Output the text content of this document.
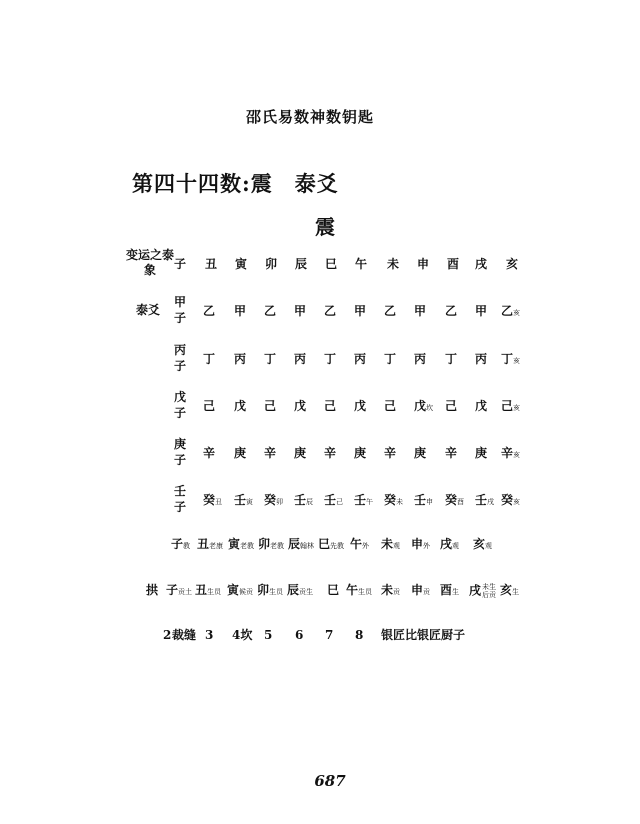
邵氏易数神数钥匙
第四十四数:震　泰爻
震
变运之泰
象	子 丑 寅 卯 辰 巳 午 未 申 酉 戌 亥
泰爻
甲
子 乙 甲 乙 甲 乙 甲 乙 甲 乙 甲 乙亥
丙
子 丁 丙 丁 丙 丁 丙 丁 丙 丁 丙 丁亥
戊
子 己 戊 己 戊 己 戊 己 戊坎 己 戊 己亥
庚
子 辛 庚 辛 庚 辛 庚 辛 庚 辛 庚 辛亥
壬
子 癸丑 壬寅 癸卯 壬辰 壬己 壬午 癸未 壬申 癸酉 壬戌 癸亥
子教 丑老康 寅老教 卯老教 辰翰林 巳先教 午外 未观 申外 戌观 亥观
拱 子贡土 丑生员 寅候贡 卯生员 辰贡生 巳 午生员 未贡 申贡 酉生 戌 未生
后贡 亥生
2 裁缝 3 4坎 5 6 7 8 银匠 比银匠 厨子
687
